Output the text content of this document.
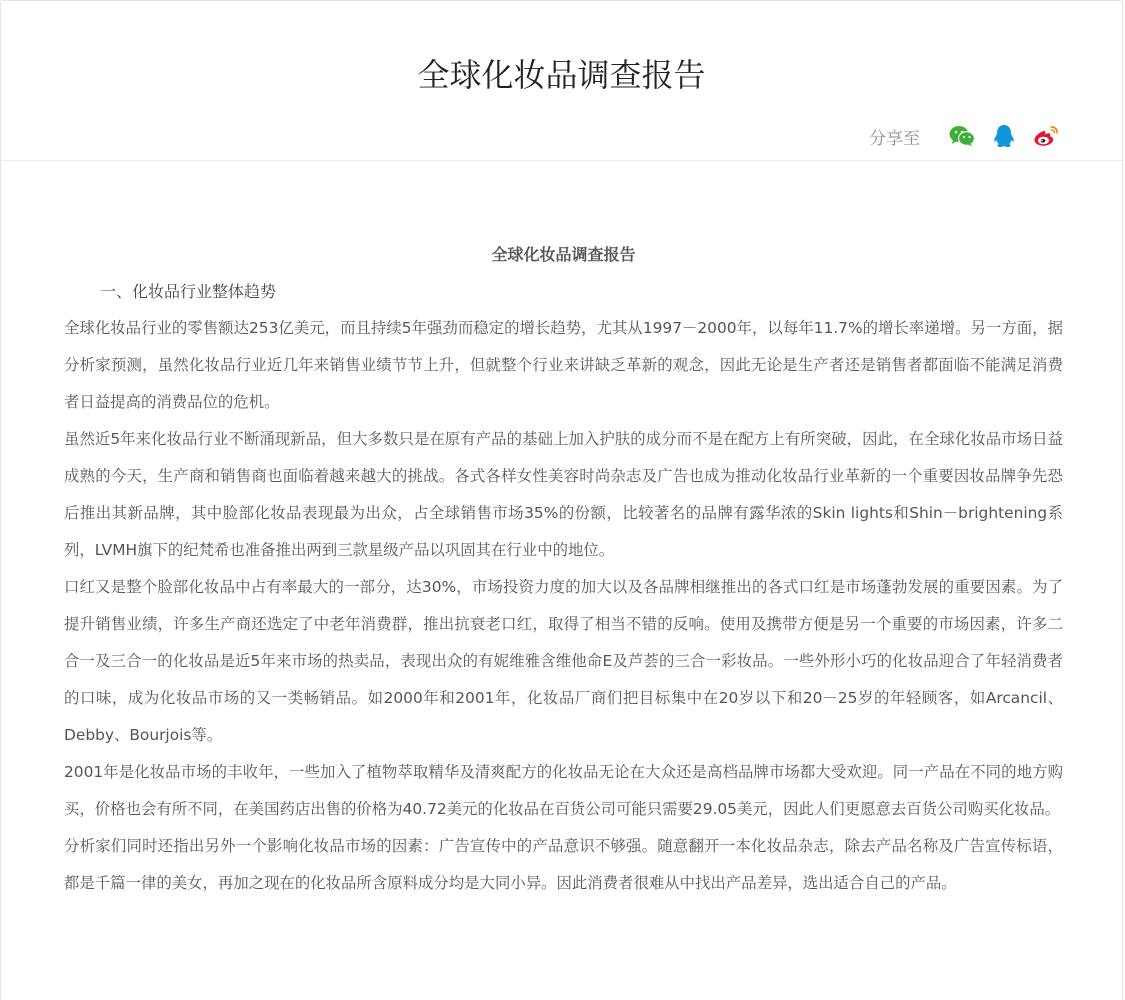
全球化妆品调查报告
分享至

全球化妆品调查报告

一、化妆品行业整体趋势

全球化妆品行业的零售额达253亿美元，而且持续5年强劲而稳定的增长趋势，尤其从1997－2000年，以每年11.7%的增长率递增。另一方面，据分析家预测，虽然化妆品行业近几年来销售业绩节节上升，但就整个行业来讲缺乏革新的观念，因此无论是生产者还是销售者都面临不能满足消费者日益提高的消费品位的危机。

虽然近5年来化妆品行业不断涌现新品，但大多数只是在原有产品的基础上加入护肤的成分而不是在配方上有所突破，因此，在全球化妆品市场日益成熟的今天，生产商和销售商也面临着越来越大的挑战。各式各样女性美容时尚杂志及广告也成为推动化妆品行业革新的一个重要因妆品牌争先恐后推出其新品牌，其中脸部化妆品表现最为出众，占全球销售市场35%的份额，比较著名的品牌有露华浓的Skin lights和Shin－brightening系列，LVMH旗下的纪梵希也准备推出两到三款星级产品以巩固其在行业中的地位。

口红又是整个脸部化妆品中占有率最大的一部分，达30%，市场投资力度的加大以及各品牌相继推出的各式口红是市场蓬勃发展的重要因素。为了提升销售业绩，许多生产商还选定了中老年消费群，推出抗衰老口红，取得了相当不错的反响。使用及携带方便是另一个重要的市场因素，许多二合一及三合一的化妆品是近5年来市场的热卖品，表现出众的有妮维雅含维他命E及芦荟的三合一彩妆品。一些外形小巧的化妆品迎合了年轻消费者的口味，成为化妆品市场的又一类畅销品。如2000年和2001年，化妆品厂商们把目标集中在20岁以下和20－25岁的年轻顾客，如Arcancil、Debby、Bourjois等。

2001年是化妆品市场的丰收年，一些加入了植物萃取精华及清爽配方的化妆品无论在大众还是高档品牌市场都大受欢迎。同一产品在不同的地方购买，价格也会有所不同，在美国药店出售的价格为40.72美元的化妆品在百货公司可能只需要29.05美元，因此人们更愿意去百货公司购买化妆品。

分析家们同时还指出另外一个影响化妆品市场的因素：广告宣传中的产品意识不够强。随意翻开一本化妆品杂志，除去产品名称及广告宣传标语，都是千篇一律的美女，再加之现在的化妆品所含原料成分均是大同小异。因此消费者很难从中找出产品差异，选出适合自己的产品。
